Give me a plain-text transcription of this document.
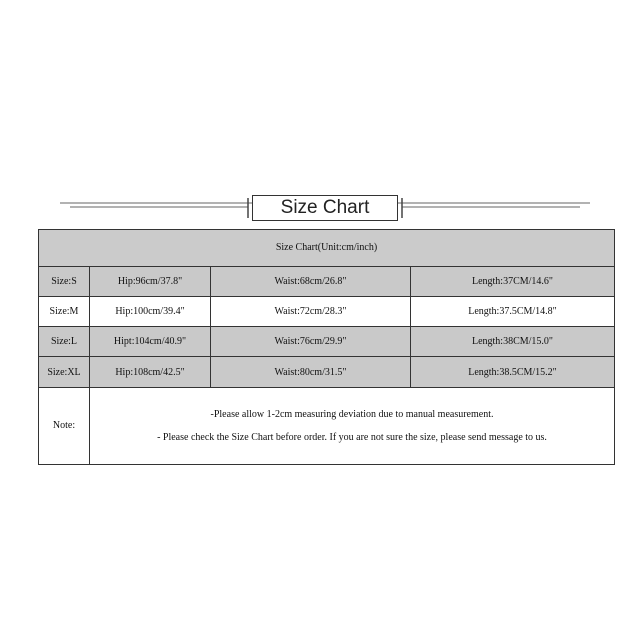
Size Chart
Size Chart(Unit:cm/inch)			
Size:S	Hip:96cm/37.8"	Waist:68cm/26.8"	Length:37CM/14.6"
Size:M	Hip:100cm/39.4"	Waist:72cm/28.3"	Length:37.5CM/14.8"
Size:L	Hipt:104cm/40.9"	Waist:76cm/29.9"	Length:38CM/15.0"
Size:XL	Hip:108cm/42.5"	Waist:80cm/31.5"	Length:38.5CM/15.2"
Note:	-Please allow 1-2cm measuring deviation due to manual measurement.
- Please check the Size Chart before order. If you are not sure the size, please send message to us.		
